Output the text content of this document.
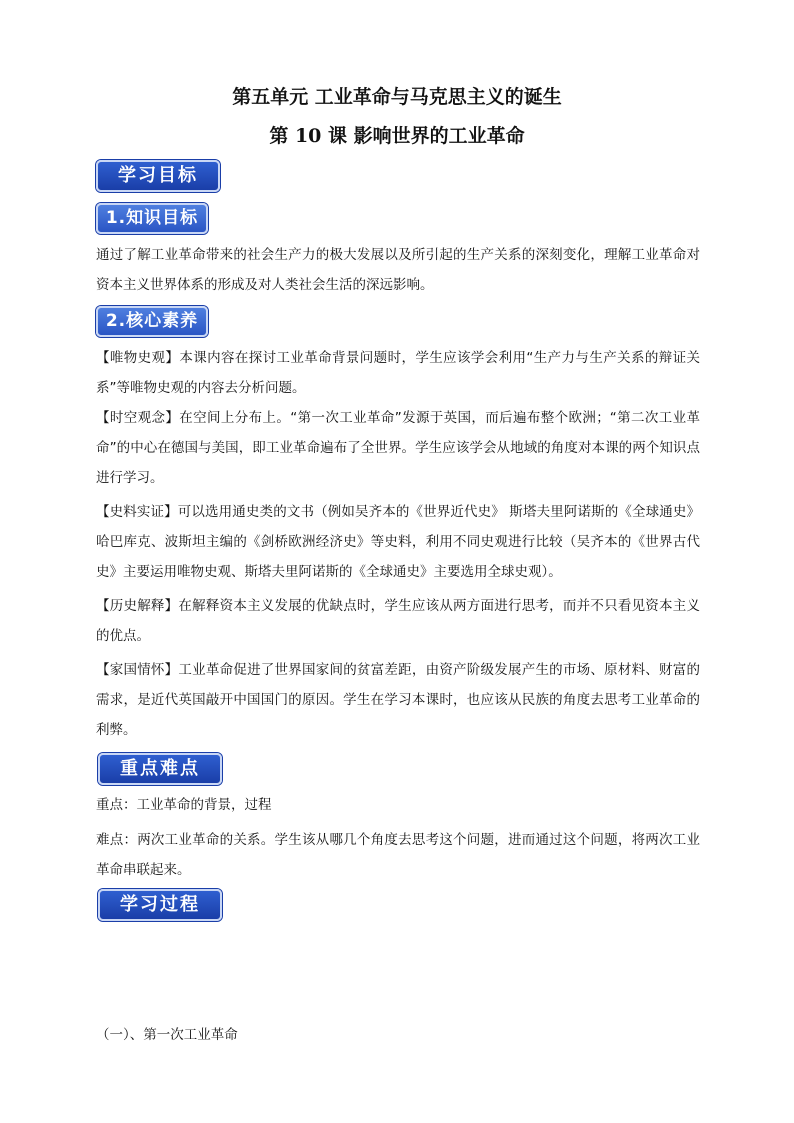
第五单元 工业革命与马克思主义的诞生
第 10 课 影响世界的工业革命
学习目标
1.知识目标
通过了解工业革命带来的社会生产力的极大发展以及所引起的生产关系的深刻变化，理解工业革命对资本主义世界体系的形成及对人类社会生活的深远影响。
2.核心素养
【唯物史观】本课内容在探讨工业革命背景问题时，学生应该学会利用“生产力与生产关系的辩证关系”等唯物史观的内容去分析问题。
【时空观念】在空间上分布上。“第一次工业革命”发源于英国，而后遍布整个欧洲；“第二次工业革命”的中心在德国与美国，即工业革命遍布了全世界。学生应该学会从地域的角度对本课的两个知识点进行学习。
【史料实证】可以选用通史类的文书（例如吴齐本的《世界近代史》 斯塔夫里阿诺斯的《全球通史》哈巴库克、波斯坦主编的《剑桥欧洲经济史》等史料，利用不同史观进行比较（吴齐本的《世界古代史》主要运用唯物史观、斯塔夫里阿诺斯的《全球通史》主要选用全球史观）。
【历史解释】在解释资本主义发展的优缺点时，学生应该从两方面进行思考，而并不只看见资本主义的优点。
【家国情怀】工业革命促进了世界国家间的贫富差距，由资产阶级发展产生的市场、原材料、财富的需求，是近代英国敲开中国国门的原因。学生在学习本课时，也应该从民族的角度去思考工业革命的利弊。
重点难点
重点：工业革命的背景，过程
难点：两次工业革命的关系。学生该从哪几个角度去思考这个问题，进而通过这个问题，将两次工业革命串联起来。
学习过程
（一）、第一次工业革命
